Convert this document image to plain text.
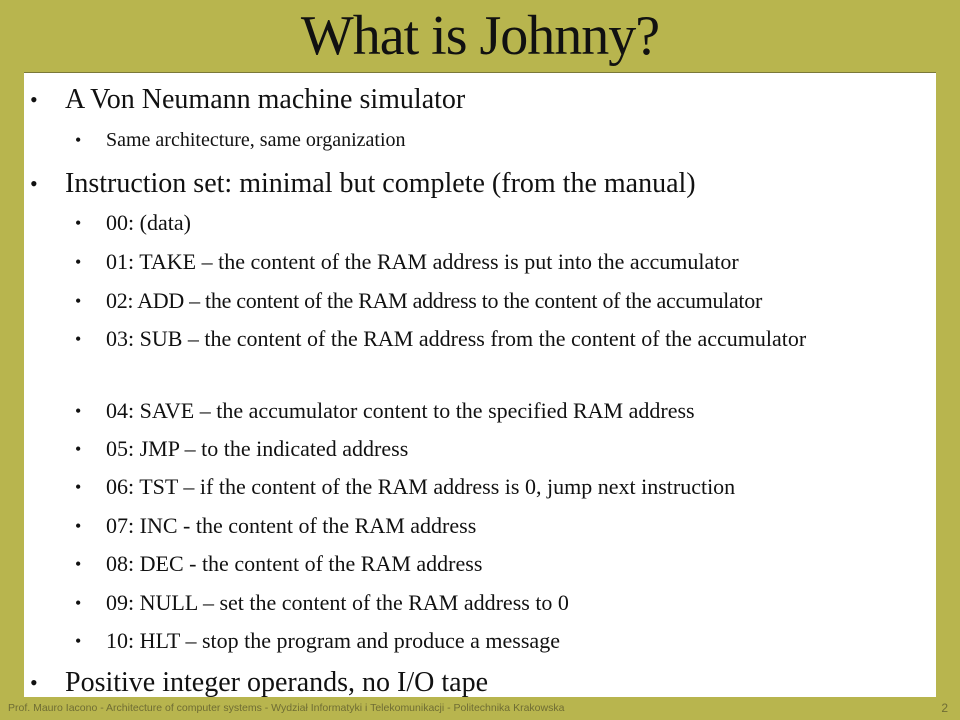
What is Johnny?
• A Von Neumann machine simulator
• Same architecture, same organization
• Instruction set: minimal but complete (from the manual)
• 00: (data)
• 01: TAKE – the content of the RAM address is put into the accumulator
• 02: ADD – the content of the RAM address to the content of the accumulator
• 03: SUB – the content of the RAM address from the content of the accumulator
• 04: SAVE – the accumulator content to the specified RAM address
• 05: JMP – to the indicated address
• 06: TST – if the content of the RAM address is 0, jump next instruction
• 07: INC - the content of the RAM address
• 08: DEC - the content of the RAM address
• 09: NULL – set the content of the RAM address to 0
• 10: HLT – stop the program and produce a message
• Positive integer operands, no I/O tape
Prof. Mauro Iacono - Architecture of computer systems - Wydział Informatyki i Telekomunikacji - Politechnika Krakowska	2
